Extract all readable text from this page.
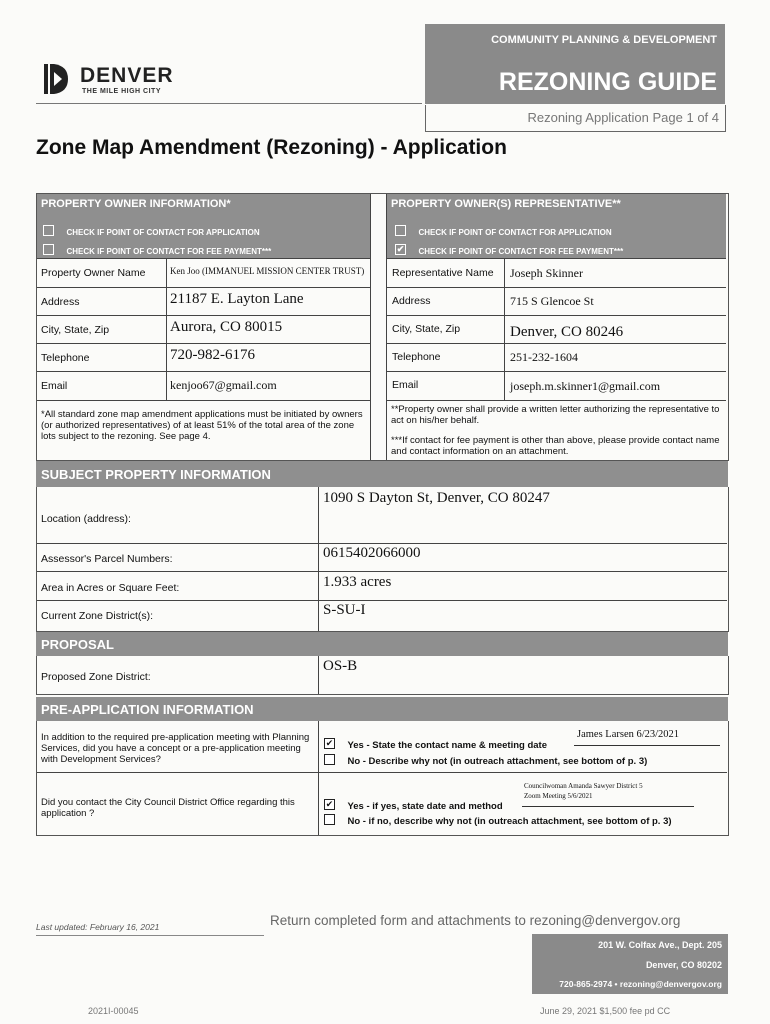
DENVER
THE MILE HIGH CITY
COMMUNITY PLANNING & DEVELOPMENT
REZONING GUIDE
Rezoning Application Page 1 of 4
Zone Map Amendment (Rezoning) - Application
PROPERTY OWNER INFORMATION*
CHECK IF POINT OF CONTACT FOR APPLICATION
CHECK IF POINT OF CONTACT FOR FEE PAYMENT***
PROPERTY OWNER(S) REPRESENTATIVE**
CHECK IF POINT OF CONTACT FOR APPLICATION
✔ CHECK IF POINT OF CONTACT FOR FEE PAYMENT***
Property Owner Name	Ken Joo (IMMANUEL MISSION CENTER TRUST)
Address	21187 E. Layton Lane
City, State, Zip	Aurora, CO 80015
Telephone	720-982-6176
Email	kenjoo67@gmail.com
*All standard zone map amendment applications must be initiated by owners (or authorized representatives) of at least 51% of the total area of the zone lots subject to the rezoning. See page 4.
Representative Name Joseph Skinner
Address	715 S Glencoe St
City, State, Zip	Denver, CO 80246
Telephone	251-232-1604
Email	joseph.m.skinner1@gmail.com
**Property owner shall provide a written letter authorizing the representative to act on his/her behalf.
***If contact for fee payment is other than above, please provide contact name and contact information on an attachment.
SUBJECT PROPERTY INFORMATION
Location (address):
1090 S Dayton St, Denver, CO 80247
Assessor's Parcel Numbers:	0615402066000
Area in Acres or Square Feet:	1.933 acres
Current Zone District(s):	S-SU-I
PROPOSAL
Proposed Zone District:
OS-B
PRE-APPLICATION INFORMATION
In addition to the required pre-application meeting with Planning Services, did you have a concept or a pre-application meeting with Development Services?
✔ Yes - State the contact name & meeting date
James Larsen 6/23/2021
No - Describe why not (in outreach attachment, see bottom of p. 3)
Did you contact the City Council District Office regarding this application ?
Councilwoman Amanda Sawyer District 5
Zoom Meeting 5/6/2021
✔ Yes - if yes, state date and method
No - if no, describe why not (in outreach attachment, see bottom of p. 3)
Last updated: February 16, 2021	Return completed form and attachments to rezoning@denvergov.org
201 W. Colfax Ave., Dept. 205
Denver, CO 80202
720-865-2974 • rezoning@denvergov.org
2021I-00045	June 29, 2021 $1,500 fee pd CC
